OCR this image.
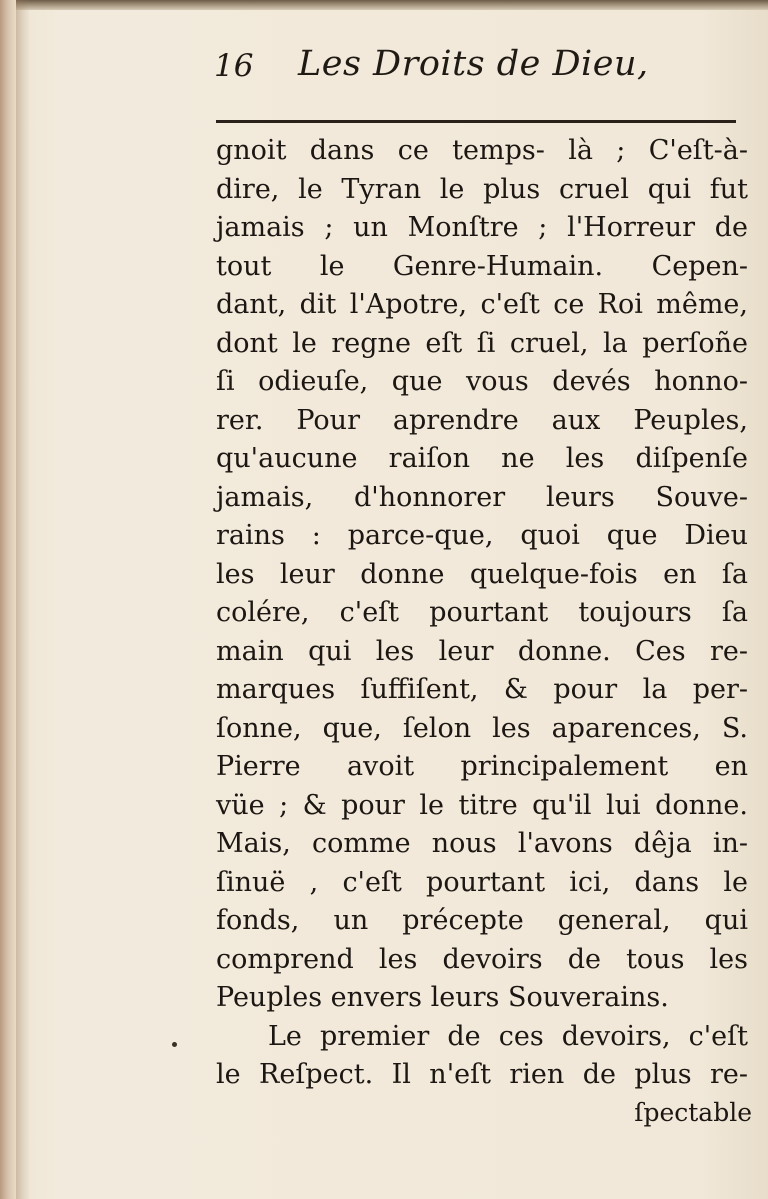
16 Les Droits de Dieu,
gnoit dans ce temps- là ; C'eſt-à-
dire, le Tyran le plus cruel qui fut
jamais ; un Monſtre ; l'Horreur de
tout le Genre-Humain. Cepen-
dant, dit l'Apotre, c'eſt ce Roi même,
dont le regne eſt ſi cruel, la perſoñe
ſi odieuſe, que vous devés honno-
rer. Pour aprendre aux Peuples,
qu'aucune raiſon ne les diſpenſe
jamais, d'honnorer leurs Souve-
rains : parce-que, quoi que Dieu
les leur donne quelque-fois en ſa
colére, c'eſt pourtant toujours ſa
main qui les leur donne. Ces re-
marques ſuffiſent, & pour la per-
ſonne, que, ſelon les aparences, S.
Pierre avoit principalement en
vüe ; & pour le titre qu'il lui donne.
Mais, comme nous l'avons dêja in-
ſinuë , c'eſt pourtant ici, dans le
fonds, un précepte general, qui
comprend les devoirs de tous les
Peuples envers leurs Souverains.
Le premier de ces devoirs, c'eſt
le Reſpect. Il n'eſt rien de plus re-
ſpectable
